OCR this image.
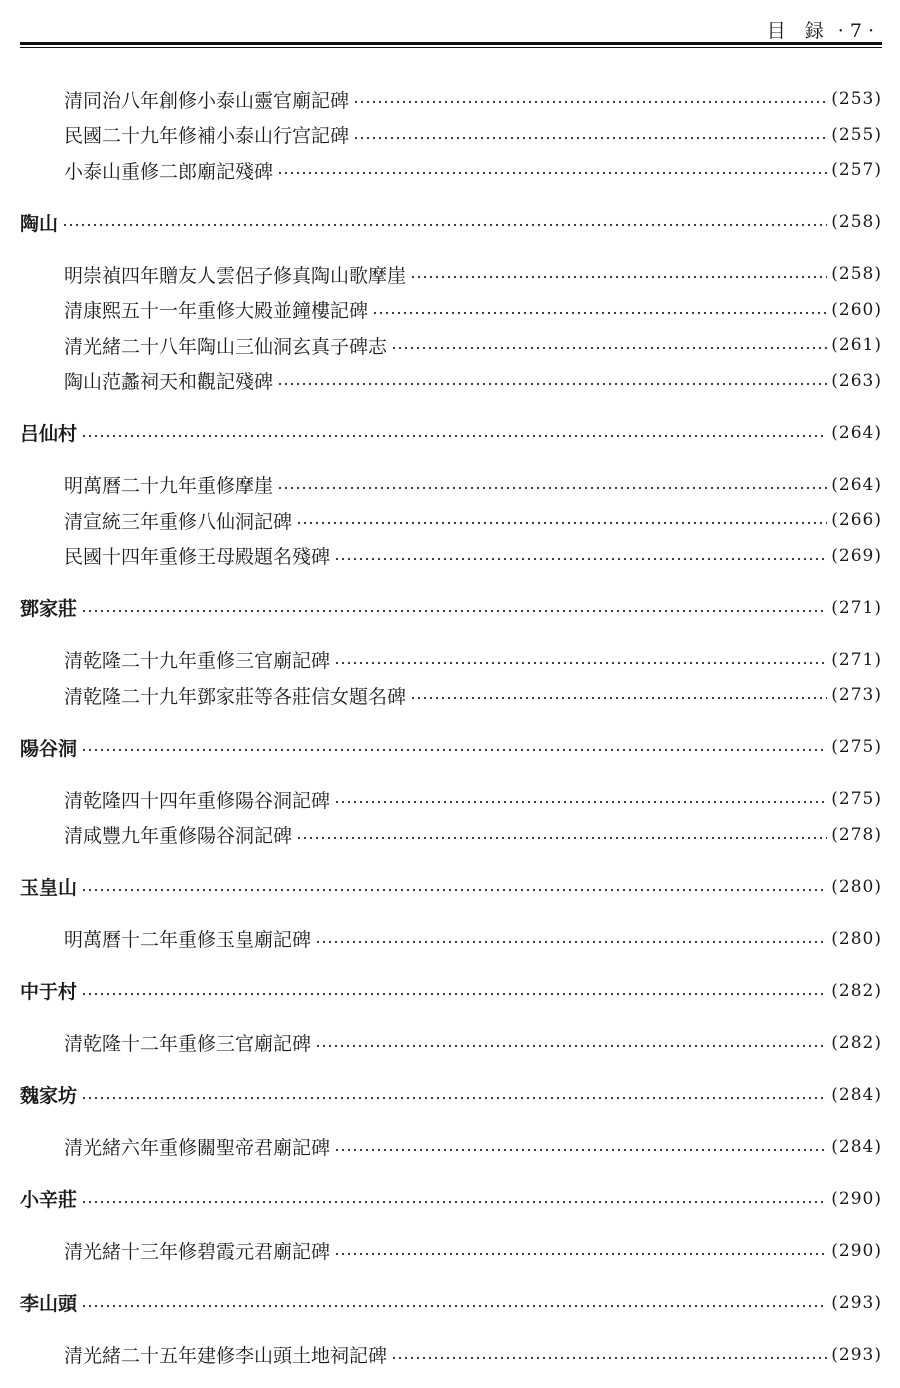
目　録 · 7 ·
清同治八年創修小泰山靈官廟記碑	(253)
民國二十九年修補小泰山行宫記碑	(255)
小泰山重修二郎廟記殘碑	(257)
陶山	(258)
明崇禎四年贈友人雲侶子修真陶山歌摩崖	(258)
清康熙五十一年重修大殿並鐘樓記碑	(260)
清光緒二十八年陶山三仙洞玄真子碑志	(261)
陶山范蠡祠天和觀記殘碑	(263)
吕仙村	(264)
明萬曆二十九年重修摩崖	(264)
清宣統三年重修八仙洞記碑	(266)
民國十四年重修王母殿題名殘碑	(269)
鄧家莊	(271)
清乾隆二十九年重修三官廟記碑	(271)
清乾隆二十九年鄧家莊等各莊信女題名碑	(273)
陽谷洞	(275)
清乾隆四十四年重修陽谷洞記碑	(275)
清咸豐九年重修陽谷洞記碑	(278)
玉皇山	(280)
明萬曆十二年重修玉皇廟記碑	(280)
中于村	(282)
清乾隆十二年重修三官廟記碑	(282)
魏家坊	(284)
清光緒六年重修關聖帝君廟記碑	(284)
小辛莊	(290)
清光緒十三年修碧霞元君廟記碑	(290)
李山頭	(293)
清光緒二十五年建修李山頭土地祠記碑	(293)
